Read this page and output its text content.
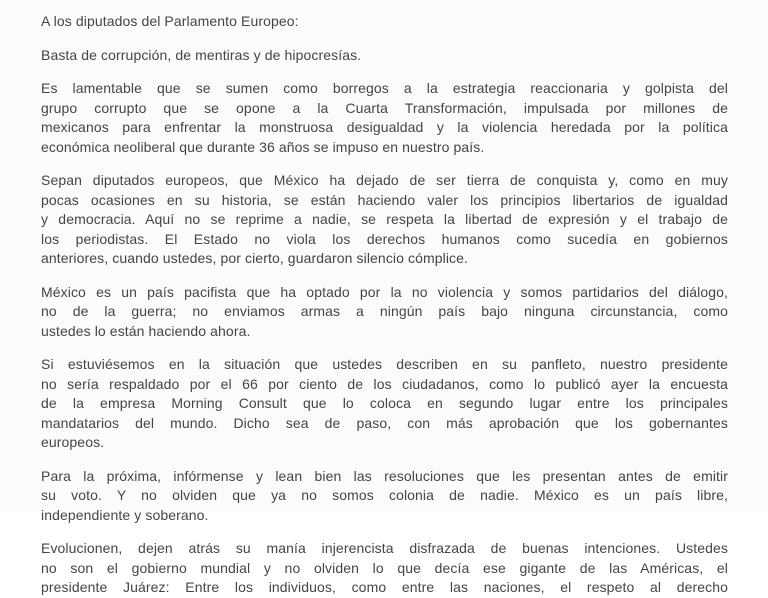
A los diputados del Parlamento Europeo:

Basta de corrupción, de mentiras y de hipocresías.

Es lamentable que se sumen como borregos a la estrategia reaccionaria y golpista del
grupo corrupto que se opone a la Cuarta Transformación, impulsada por millones de
mexicanos para enfrentar la monstruosa desigualdad y la violencia heredada por la política
económica neoliberal que durante 36 años se impuso en nuestro país.

Sepan diputados europeos, que México ha dejado de ser tierra de conquista y, como en muy
pocas ocasiones en su historia, se están haciendo valer los principios libertarios de igualdad
y democracia. Aquí no se reprime a nadie, se respeta la libertad de expresión y el trabajo de
los periodistas. El Estado no viola los derechos humanos como sucedía en gobiernos
anteriores, cuando ustedes, por cierto, guardaron silencio cómplice.

México es un país pacifista que ha optado por la no violencia y somos partidarios del diálogo,
no de la guerra; no enviamos armas a ningún país bajo ninguna circunstancia, como
ustedes lo están haciendo ahora.

Si estuviésemos en la situación que ustedes describen en su panfleto, nuestro presidente
no sería respaldado por el 66 por ciento de los ciudadanos, como lo publicó ayer la encuesta
de la empresa Morning Consult que lo coloca en segundo lugar entre los principales
mandatarios del mundo. Dicho sea de paso, con más aprobación que los gobernantes
europeos.

Para la próxima, infórmense y lean bien las resoluciones que les presentan antes de emitir
su voto. Y no olviden que ya no somos colonia de nadie. México es un país libre,
independiente y soberano.

Evolucionen, dejen atrás su manía injerencista disfrazada de buenas intenciones. Ustedes
no son el gobierno mundial y no olviden lo que decía ese gigante de las Américas, el
presidente Juárez: Entre los individuos, como entre las naciones, el respeto al derecho
